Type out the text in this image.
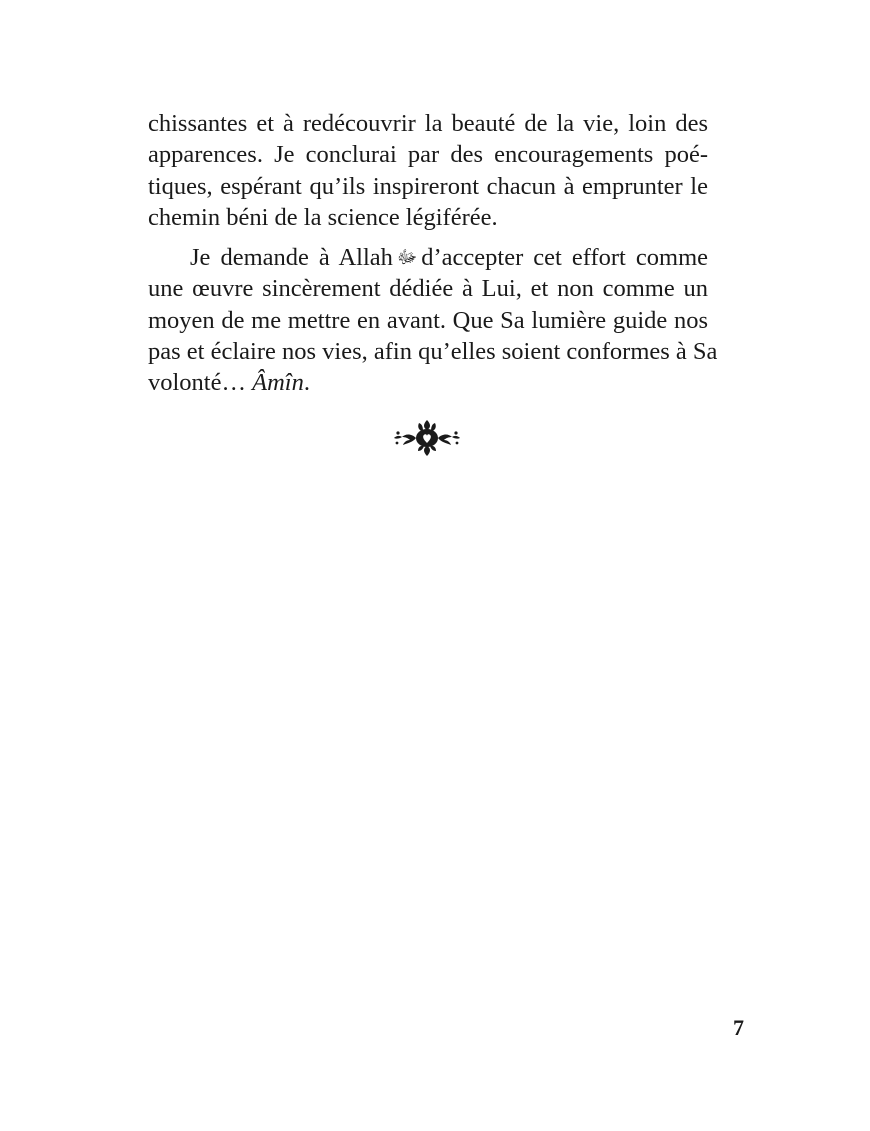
chissantes et à redécouvrir la beauté de la vie, loin des
apparences. Je conclurai par des encouragements poé-
tiques, espérant qu’ils inspireront chacun à emprunter le
chemin béni de la science légiférée.
Je demande à Allah ﷻ d’accepter cet effort comme
une œuvre sincèrement dédiée à Lui, et non comme un
moyen de me mettre en avant. Que Sa lumière guide nos
pas et éclaire nos vies, afin qu’elles soient conformes à Sa
volonté… Âmîn.
7
